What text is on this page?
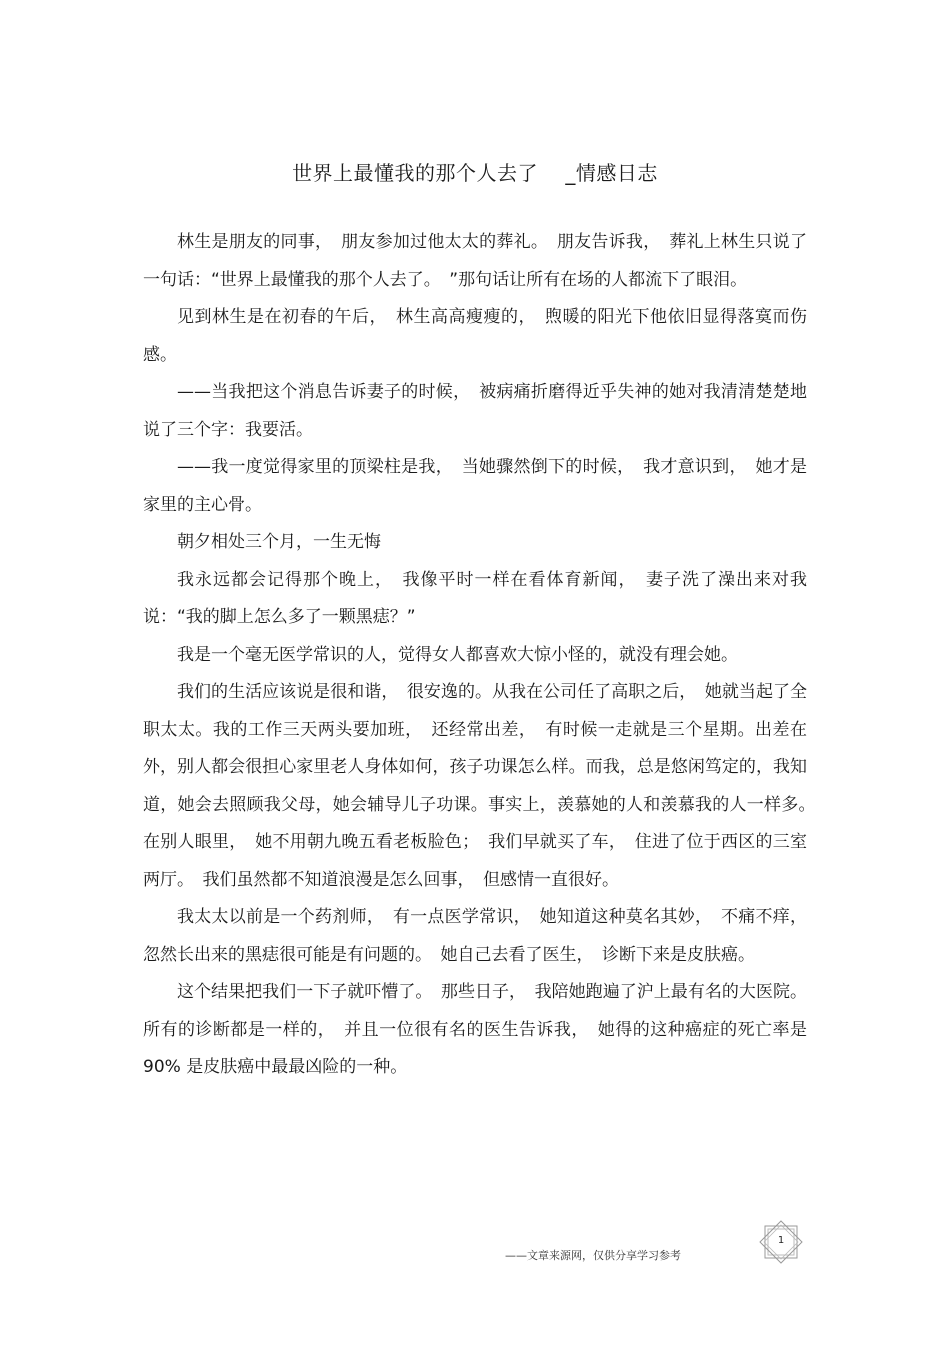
世界上最懂我的那个人去了　 _情感日志

林生是朋友的同事，　朋友参加过他太太的葬礼。　朋友告诉我，　葬礼上林生只说了一句话：“世界上最懂我的那个人去了。　”那句话让所有在场的人都流下了眼泪。

见到林生是在初春的午后，　林生高高瘦瘦的，　煦暖的阳光下他依旧显得落寞而伤感。

——当我把这个消息告诉妻子的时候，　被病痛折磨得近乎失神的她对我清清楚楚地说了三个字：我要活。

——我一度觉得家里的顶梁柱是我，　当她骤然倒下的时候，　我才意识到，　她才是家里的主心骨。

朝夕相处三个月，一生无悔

我永远都会记得那个晚上，　我像平时一样在看体育新闻，　妻子洗了澡出来对我说：“我的脚上怎么多了一颗黑痣？”

我是一个毫无医学常识的人，觉得女人都喜欢大惊小怪的，就没有理会她。

我们的生活应该说是很和谐，　很安逸的。从我在公司任了高职之后，　她就当起了全职太太。我的工作三天两头要加班，　还经常出差，　有时候一走就是三个星期。出差在外，别人都会很担心家里老人身体如何，孩子功课怎么样。而我，总是悠闲笃定的，我知道，她会去照顾我父母，她会辅导儿子功课。事实上，羡慕她的人和羡慕我的人一样多。　在别人眼里，　她不用朝九晚五看老板脸色；　我们早就买了车，　住进了位于西区的三室两厅。　我们虽然都不知道浪漫是怎么回事，　但感情一直很好。

我太太以前是一个药剂师，　有一点医学常识，　她知道这种莫名其妙，　不痛不痒，忽然长出来的黑痣很可能是有问题的。　她自己去看了医生，　诊断下来是皮肤癌。

这个结果把我们一下子就吓懵了。　那些日子，　我陪她跑遍了沪上最有名的大医院。所有的诊断都是一样的，　并且一位很有名的医生告诉我，　她得的这种癌症的死亡率是 90% 是皮肤癌中最最凶险的一种。

——文章来源网，仅供分享学习参考
1
